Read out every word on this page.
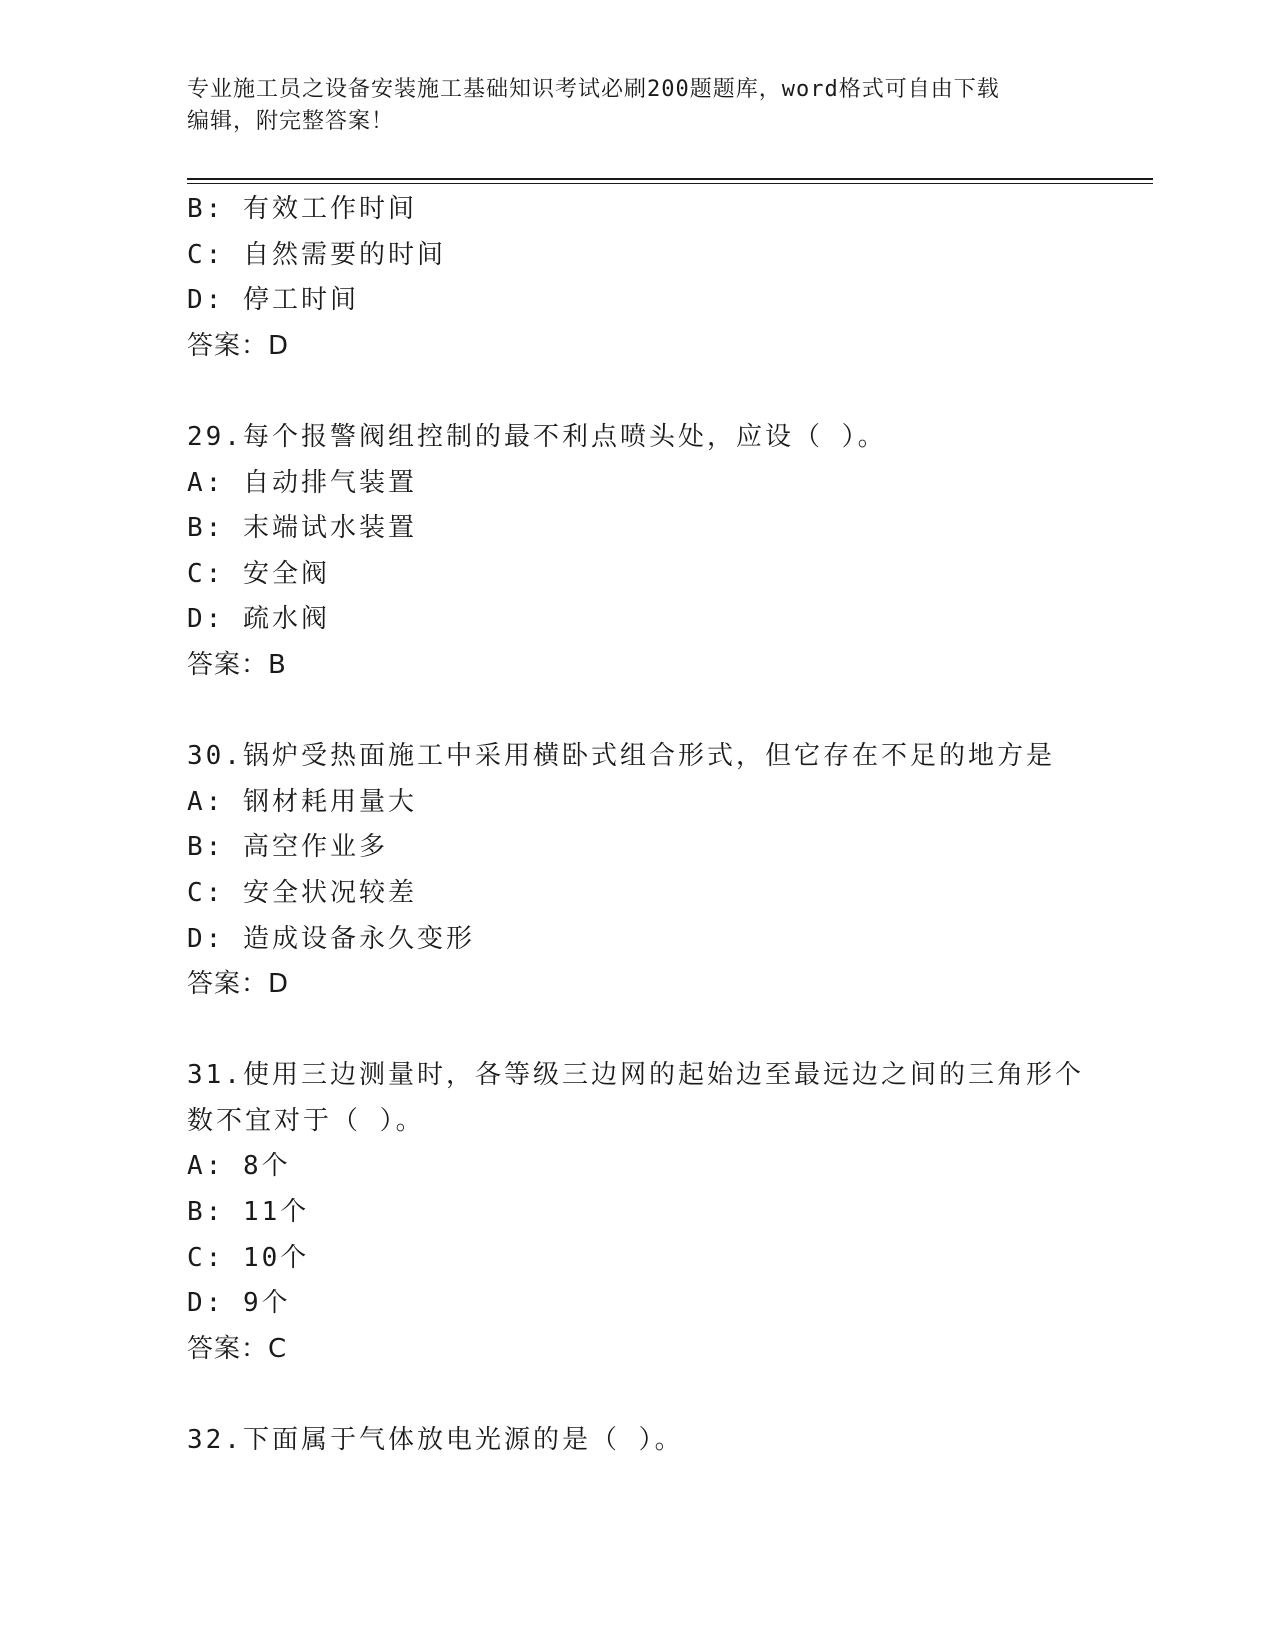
专业施工员之设备安装施工基础知识考试必刷200题题库，word格式可自由下载
编辑，附完整答案！
B: 有效工作时间
C: 自然需要的时间
D: 停工时间
答案：D
29.每个报警阀组控制的最不利点喷头处，应设（ ）。
A: 自动排气装置
B: 末端试水装置
C: 安全阀
D: 疏水阀
答案：B
30.锅炉受热面施工中采用横卧式组合形式，但它存在不足的地方是
A: 钢材耗用量大
B: 高空作业多
C: 安全状况较差
D: 造成设备永久变形
答案：D
31.使用三边测量时，各等级三边网的起始边至最远边之间的三角形个
数不宜对于（ ）。
A: 8个
B: 11个
C: 10个
D: 9个
答案：C
32.下面属于气体放电光源的是（ ）。
